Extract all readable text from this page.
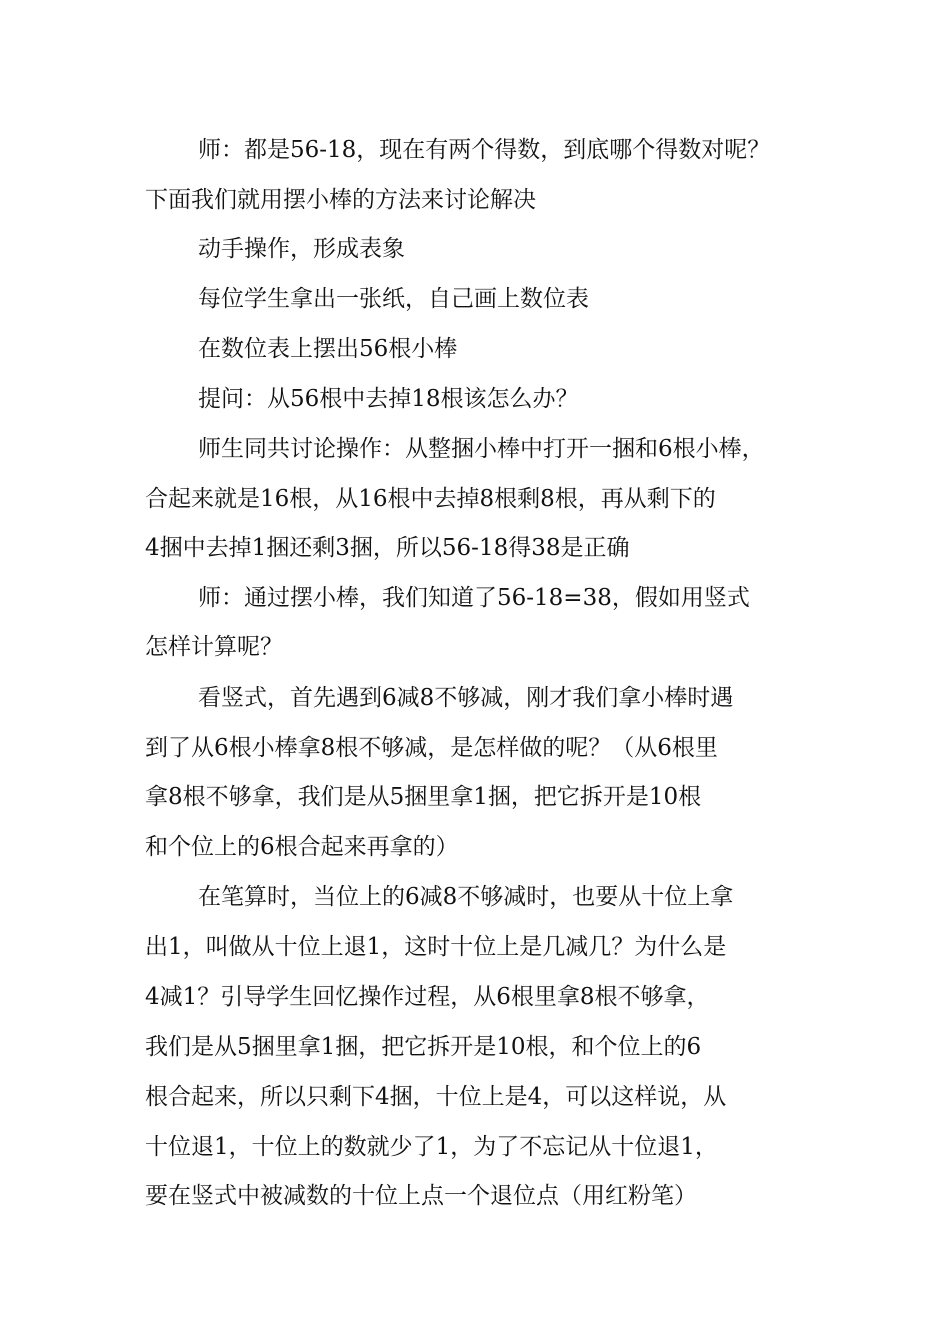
师：都是56-18，现在有两个得数，到底哪个得数对呢？
下面我们就用摆小棒的方法来讨论解决
动手操作，形成表象
每位学生拿出一张纸，自己画上数位表
在数位表上摆出56根小棒
提问：从56根中去掉18根该怎么办？
师生同共讨论操作：从整捆小棒中打开一捆和6根小棒，
合起来就是16根，从16根中去掉8根剩8根，再从剩下的
4捆中去掉1捆还剩3捆，所以56-18得38是正确
师：通过摆小棒，我们知道了56-18=38，假如用竖式
怎样计算呢？
看竖式，首先遇到6减8不够减，刚才我们拿小棒时遇
到了从6根小棒拿8根不够减，是怎样做的呢？（从6根里
拿8根不够拿，我们是从5捆里拿1捆，把它拆开是10根
和个位上的6根合起来再拿的）
在笔算时，当位上的6减8不够减时，也要从十位上拿
出1，叫做从十位上退1，这时十位上是几减几？为什么是
4减1？引导学生回忆操作过程，从6根里拿8根不够拿，
我们是从5捆里拿1捆，把它拆开是10根，和个位上的6
根合起来，所以只剩下4捆，十位上是4，可以这样说，从
十位退1，十位上的数就少了1，为了不忘记从十位退1，
要在竖式中被减数的十位上点一个退位点（用红粉笔）
